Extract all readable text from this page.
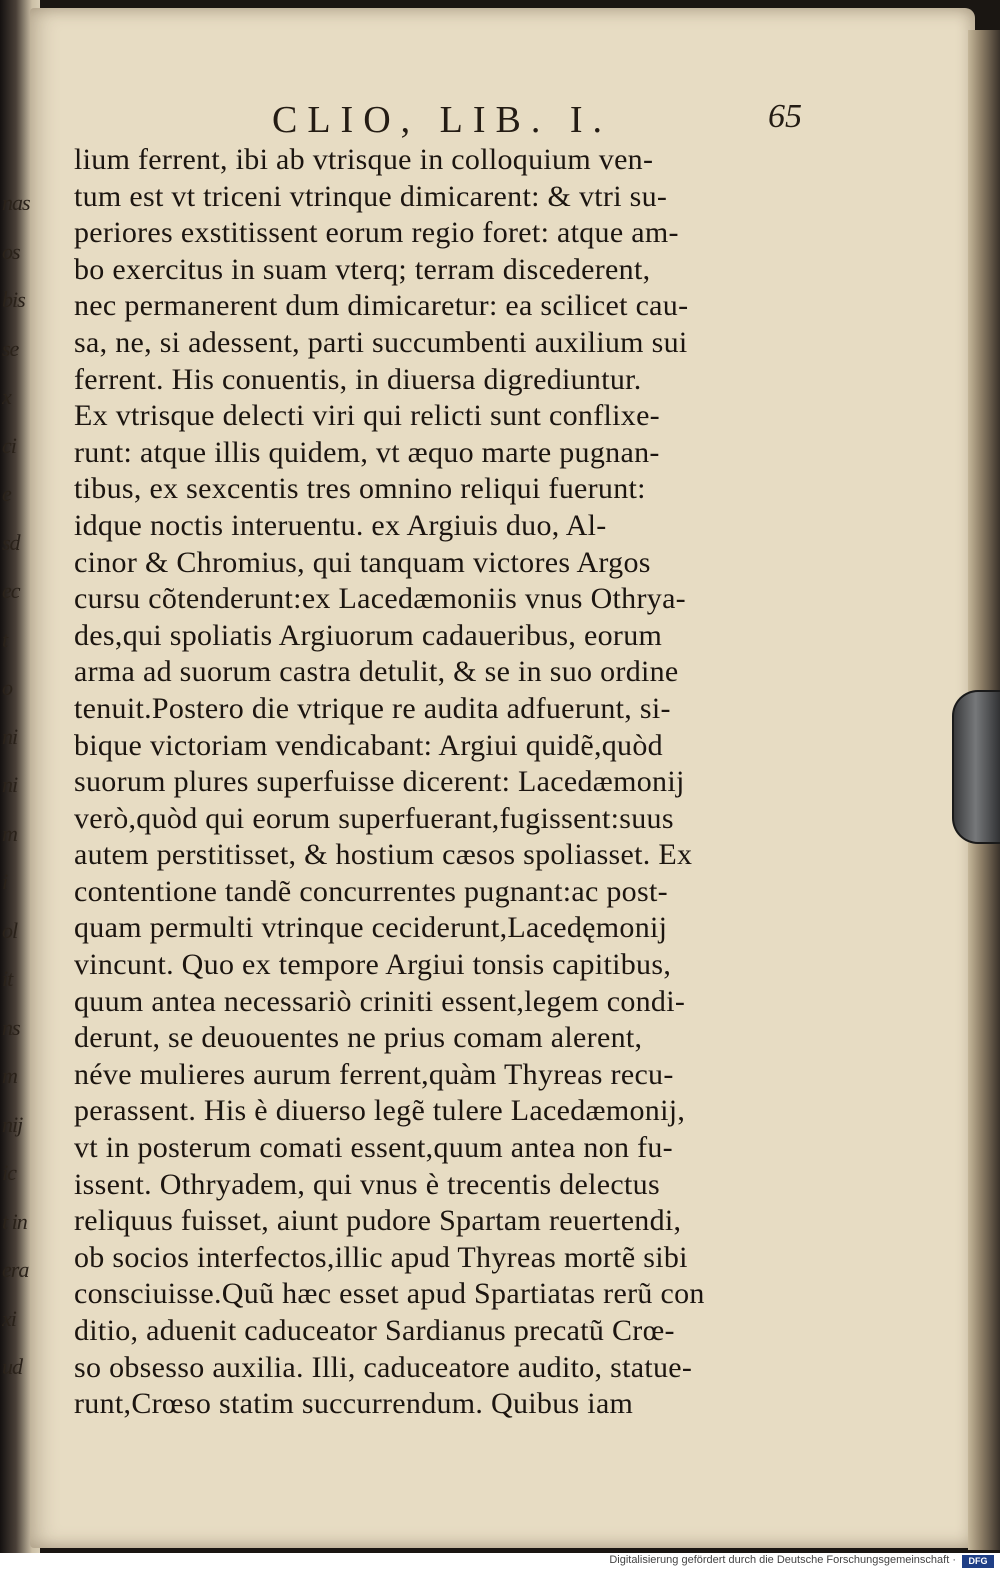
nas
os
bis
se
x
ci
e
sd
ec
t
o
ni
ni
m
i
ol
it
ns
m
nij
ic
t in
era
xi
ud
CLIO, LIB. I.	65
lium ferrent, ibi ab vtrisque in colloquium ven-
tum est vt triceni vtrinque dimicarent: & vtri su-
periores exstitissent eorum regio foret: atque am-
bo exercitus in suam vterq; terram discederent,
nec permanerent dum dimicaretur: ea scilicet cau-
sa, ne, si adessent, parti succumbenti auxilium sui
ferrent. His conuentis, in diuersa digrediuntur.
Ex vtrisque delecti viri qui relicti sunt conflixe-
runt: atque illis quidem, vt æquo marte pugnan-
tibus, ex sexcentis tres omnino reliqui fuerunt:
idque noctis interuentu. ex Argiuis duo, Al-
cinor & Chromius, qui tanquam victores Argos
cursu cõtenderunt:ex Lacedæmoniis vnus Othrya-
des,qui spoliatis Argiuorum cadaueribus, eorum
arma ad suorum castra detulit, & se in suo ordine
tenuit.Postero die vtrique re audita adfuerunt, si-
bique victoriam vendicabant: Argiui quidẽ,quòd
suorum plures superfuisse dicerent: Lacedæmonij
verò,quòd qui eorum superfuerant,fugissent:suus
autem perstitisset, & hostium cæsos spoliasset. Ex
contentione tandẽ concurrentes pugnant:ac post-
quam permulti vtrinque ceciderunt,Lacedęmonij
vincunt. Quo ex tempore Argiui tonsis capitibus,
quum antea necessariò criniti essent,legem condi-
derunt, se deuouentes ne prius comam alerent,
néve mulieres aurum ferrent,quàm Thyreas recu-
perassent. His è diuerso legẽ tulere Lacedæmonij,
vt in posterum comati essent,quum antea non fu-
issent. Othryadem, qui vnus è trecentis delectus
reliquus fuisset, aiunt pudore Spartam reuertendi,
ob socios interfectos,illic apud Thyreas mortẽ sibi
consciuisse.Quũ hæc esset apud Spartiatas rerũ con
ditio, aduenit caduceator Sardianus precatũ Crœ-
so obsesso auxilia. Illi, caduceatore audito, statue-
runt,Crœso statim succurrendum. Quibus iam
Digitalisierung gefördert durch die Deutsche Forschungsgemeinschaft ·	DFG
